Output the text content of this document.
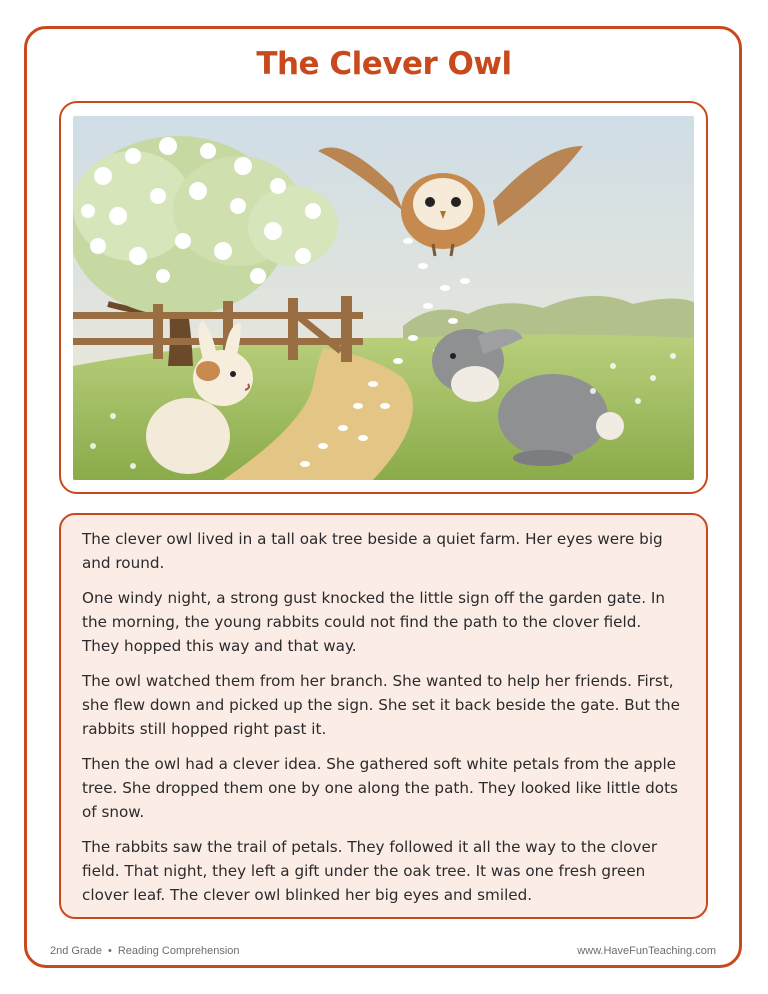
The Clever Owl

The clever owl lived in a tall oak tree beside a quiet farm. Her eyes were big and round.

One windy night, a strong gust knocked the little sign off the garden gate. In the morning, the young rabbits could not find the path to the clover field. They hopped this way and that way.

The owl watched them from her branch. She wanted to help her friends. First, she flew down and picked up the sign. She set it back beside the gate. But the rabbits still hopped right past it.

Then the owl had a clever idea. She gathered soft white petals from the apple tree. She dropped them one by one along the path. They looked like little dots of snow.

The rabbits saw the trail of petals. They followed it all the way to the clover field. That night, they left a gift under the oak tree. It was one fresh green clover leaf. The clever owl blinked her big eyes and smiled.

2nd Grade • Reading Comprehension	www.HaveFunTeaching.com
